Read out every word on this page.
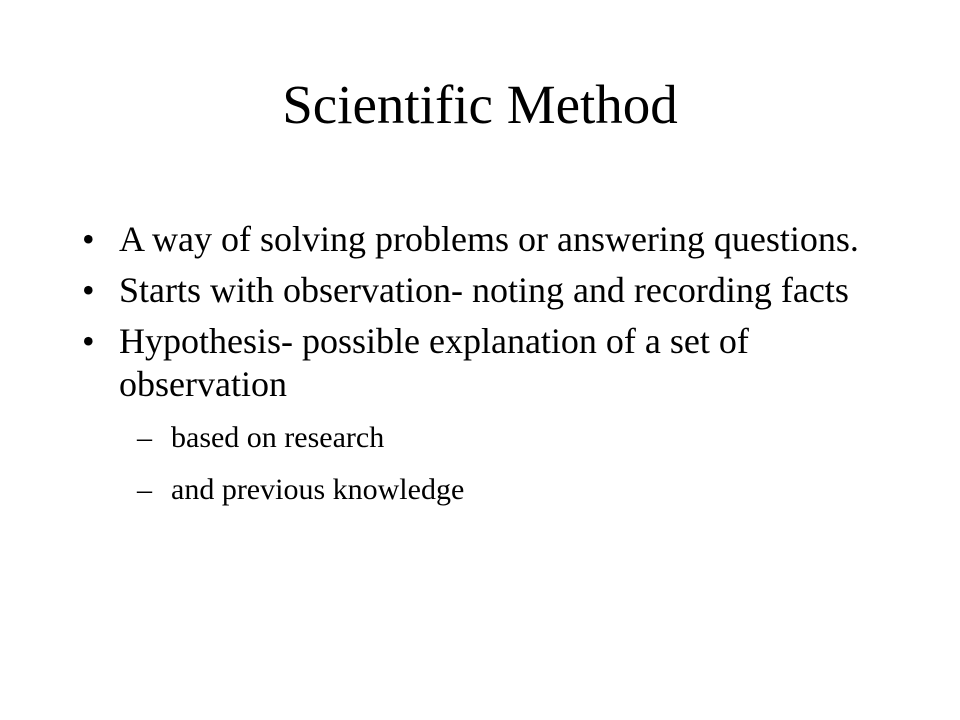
Scientific Method
• A way of solving problems or answering questions.
• Starts with observation- noting and recording facts
• Hypothesis- possible explanation of a set of observation
– based on research
– and previous knowledge
